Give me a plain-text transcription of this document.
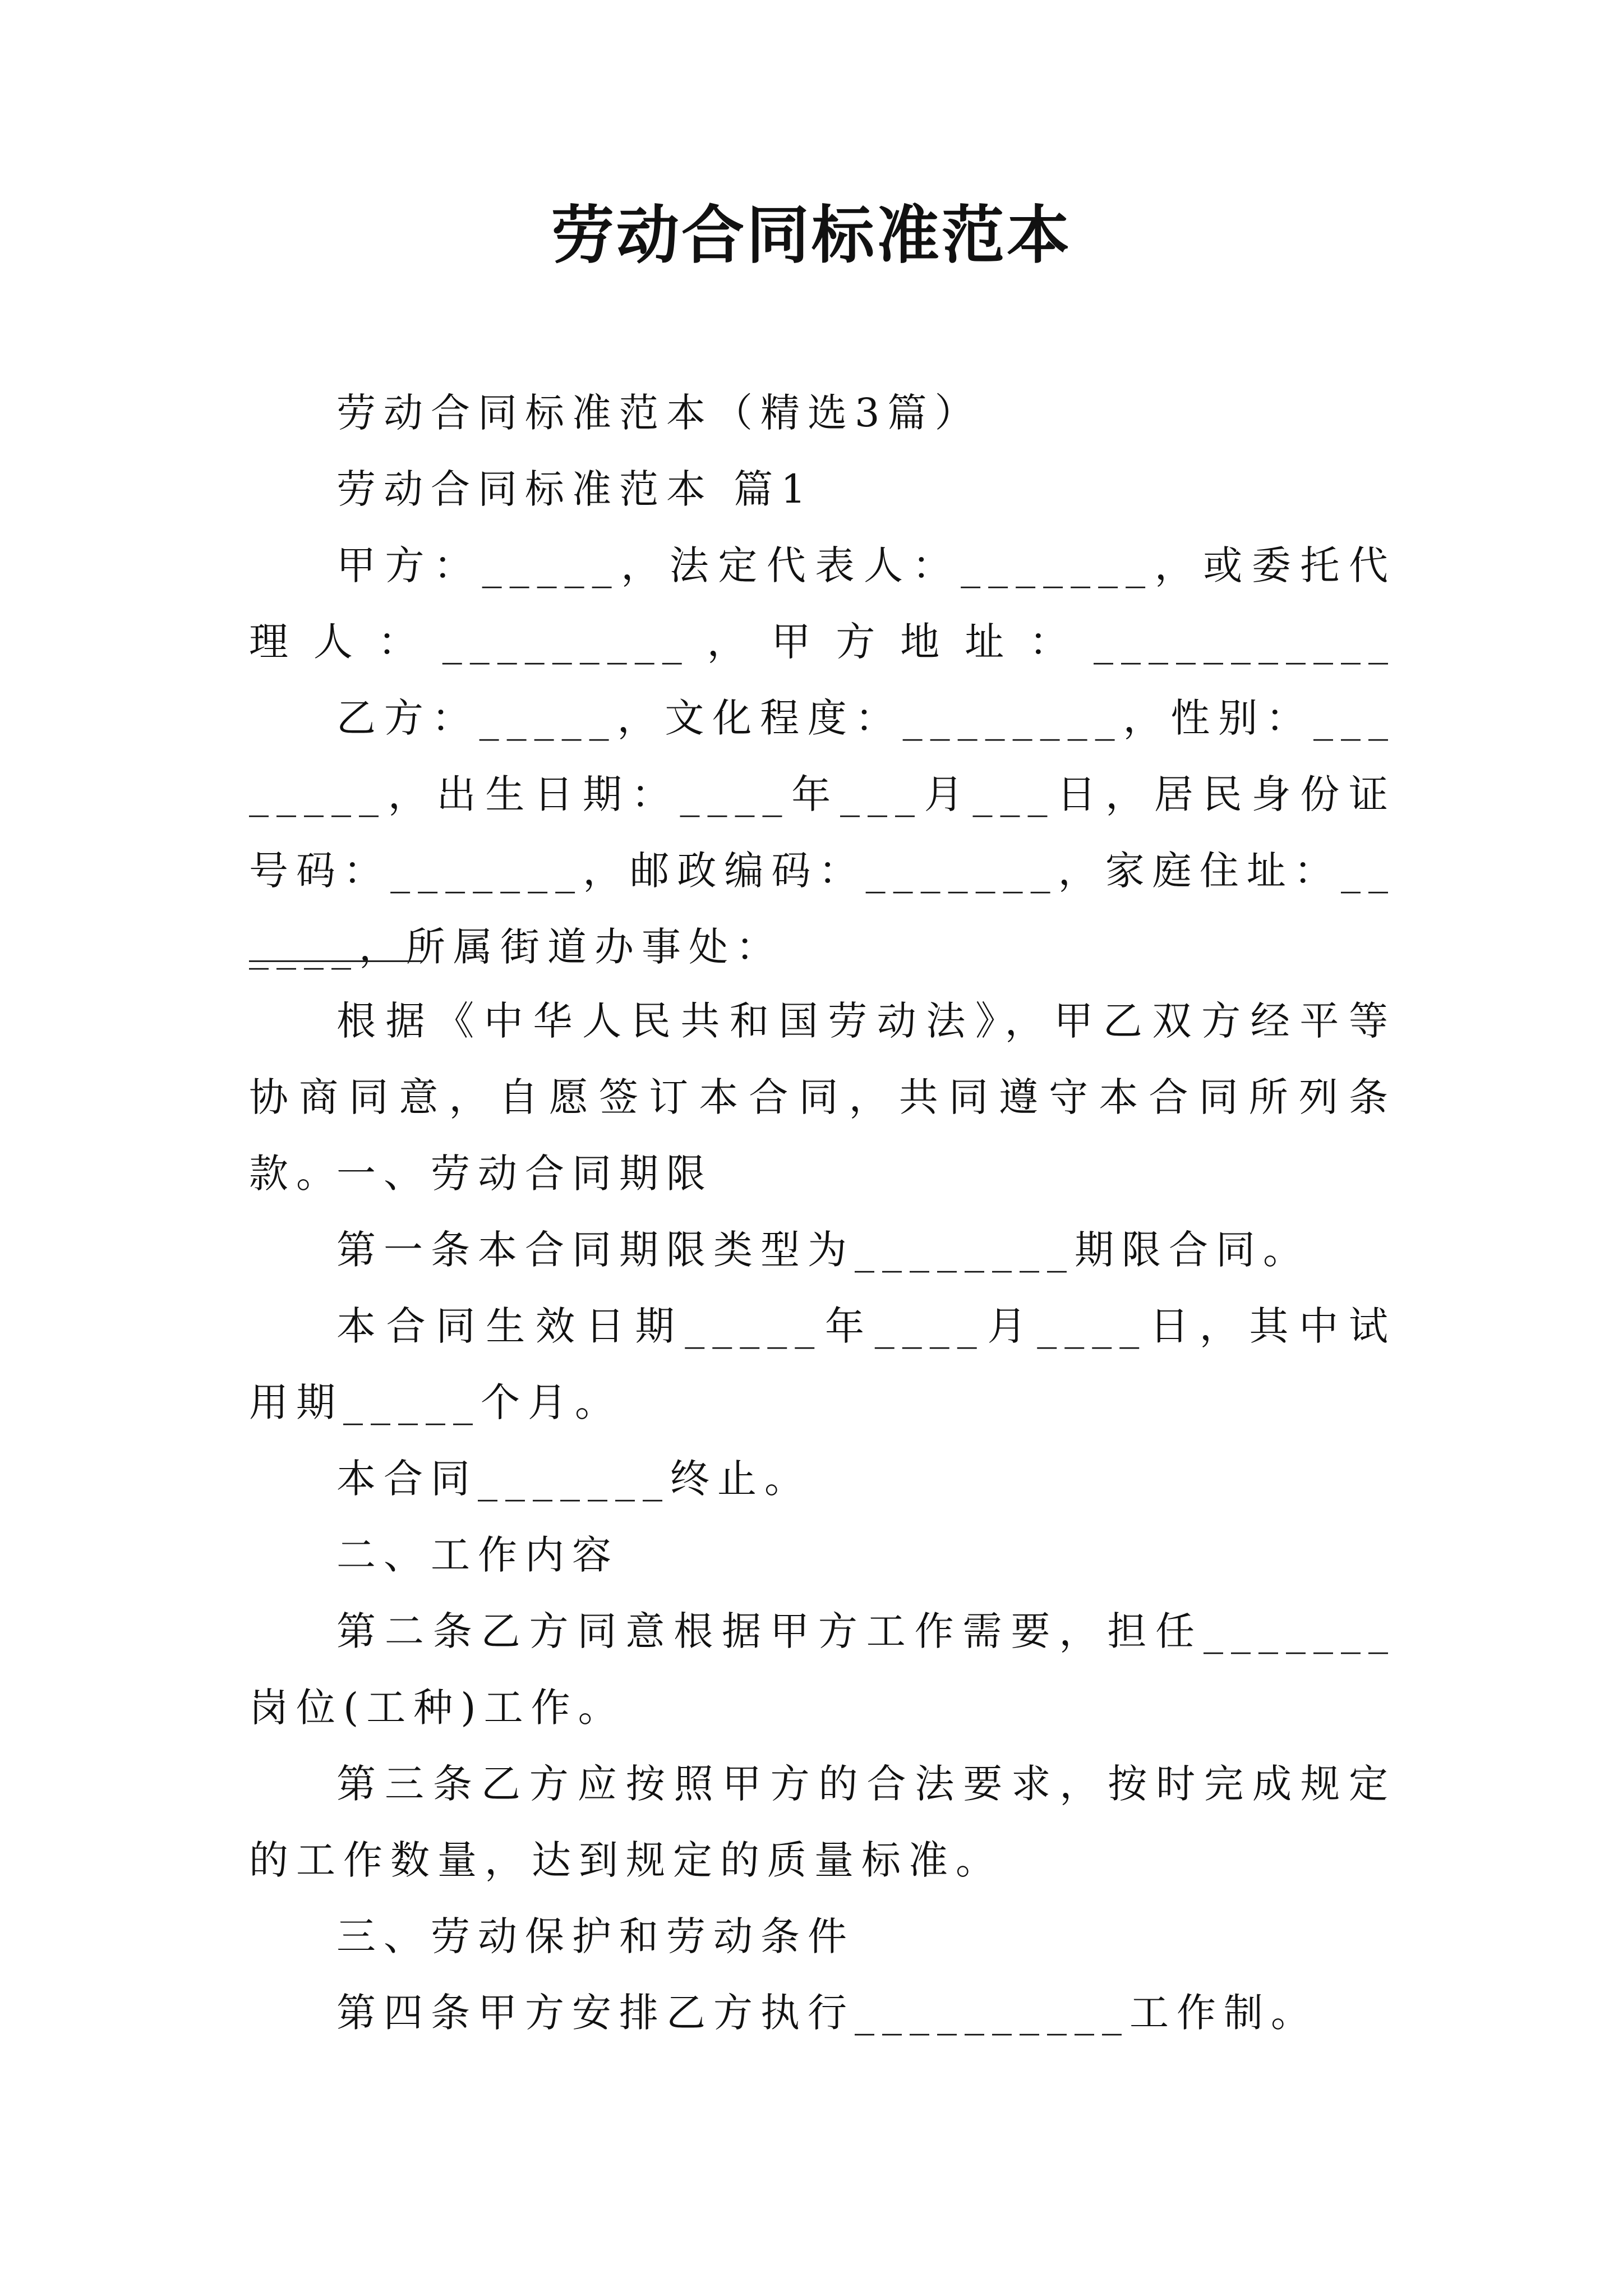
劳动合同标准范本
劳动合同标准范本（精选3篇）
劳动合同标准范本 篇1
甲方：_____，法定代表人：_______，或委托代理人：_________，甲方地址：___________
乙方：_____，文化程度：________，性别：________，出生日期：____年___月___日，居民身份证号码：_______，邮政编码：_______，家庭住址：______，所属街道办事处：
根据《中华人民共和国劳动法》，甲乙双方经平等协商同意，自愿签订本合同，共同遵守本合同所列条款。
一、劳动合同期限
第一条本合同期限类型为________期限合同。
本合同生效日期_____年____月____日，其中试用期_____个月。
本合同_______终止。
二、工作内容
第二条乙方同意根据甲方工作需要，担任_______岗位(工种)工作。
第三条乙方应按照甲方的合法要求，按时完成规定的工作数量，达到规定的质量标准。
三、劳动保护和劳动条件
第四条甲方安排乙方执行__________工作制。
